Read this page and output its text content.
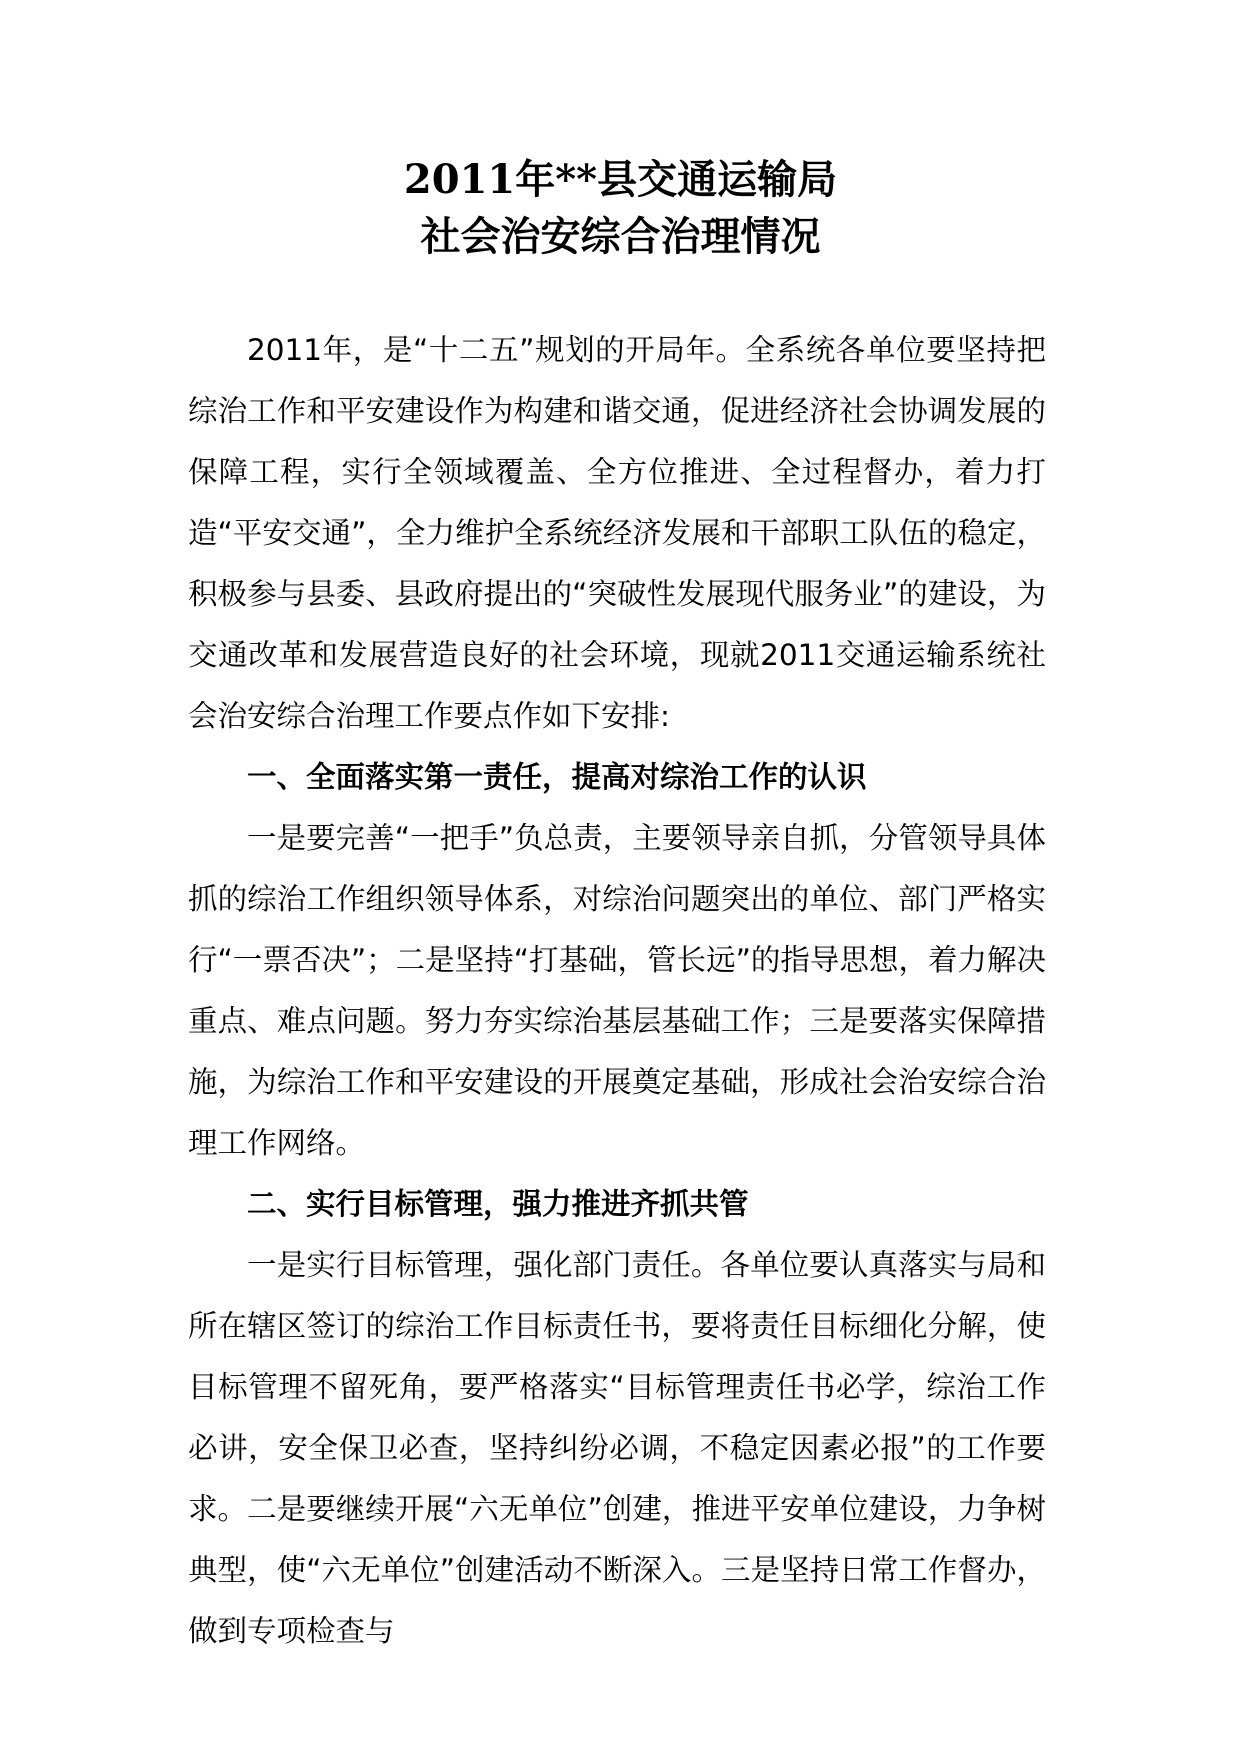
2011年**县交通运输局
社会治安综合治理情况

2011年，是“十二五”规划的开局年。全系统各单位要坚持把综治工作和平安建设作为构建和谐交通，促进经济社会协调发展的保障工程，实行全领域覆盖、全方位推进、全过程督办，着力打造“平安交通”，全力维护全系统经济发展和干部职工队伍的稳定，积极参与县委、县政府提出的“突破性发展现代服务业”的建设，为交通改革和发展营造良好的社会环境，现就2011交通运输系统社会治安综合治理工作要点作如下安排:

一、全面落实第一责任，提高对综治工作的认识

一是要完善“一把手”负总责，主要领导亲自抓，分管领导具体抓的综治工作组织领导体系，对综治问题突出的单位、部门严格实行“一票否决”；二是坚持“打基础，管长远”的指导思想，着力解决重点、难点问题。努力夯实综治基层基础工作；三是要落实保障措施，为综治工作和平安建设的开展奠定基础，形成社会治安综合治理工作网络。

二、实行目标管理，强力推进齐抓共管

一是实行目标管理，强化部门责任。各单位要认真落实与局和所在辖区签订的综治工作目标责任书，要将责任目标细化分解，使目标管理不留死角，要严格落实“目标管理责任书必学，综治工作必讲，安全保卫必查，坚持纠纷必调，不稳定因素必报”的工作要求。二是要继续开展“六无单位”创建，推进平安单位建设，力争树典型，使“六无单位”创建活动不断深入。三是坚持日常工作督办，做到专项检查与
